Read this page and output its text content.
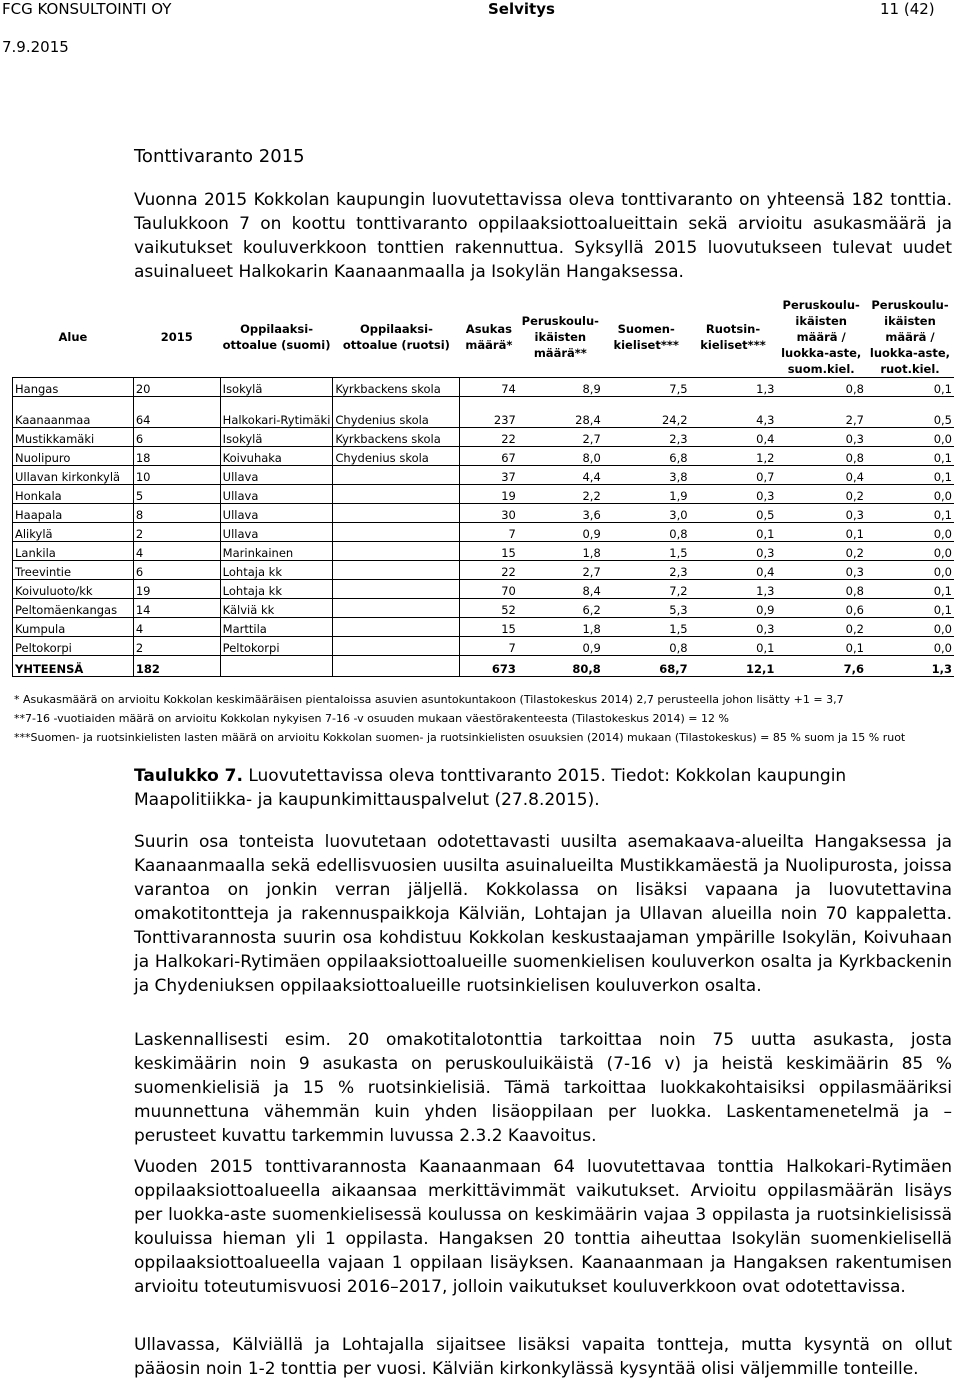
FCG KONSULTOINTI OY	Selvitys	11 (42)
7.9.2015
Tonttivaranto 2015
Vuonna 2015 Kokkolan kaupungin luovutettavissa oleva tonttivaranto on yhteensä 182 tonttia. Taulukkoon 7 on koottu tonttivaranto oppilaaksiottoalueittain sekä arvioitu asukasmäärä ja vaikutukset kouluverkkoon tonttien rakennuttua. Syksyllä 2015 luovutukseen tulevat uudet asuinalueet Halkokarin Kaanaanmaalla ja Isokylän Hangaksessa.
Alue	2015	Oppilaaksi-ottoalue (suomi)	Oppilaaksi-ottoalue (ruotsi)	Asukas määrä*	Peruskoulu-ikäisten määrä**	Suomen-kieliset***	Ruotsin-kieliset***	Peruskoulu-ikäisten määrä / luokka-aste, suom.kiel.	Peruskoulu-ikäisten määrä / luokka-aste, ruot.kiel.
Hangas	20	Isokylä	Kyrkbackens skola	74	8,9	7,5	1,3	0,8	0,1
Kaanaanmaa	64	Halkokari-Rytimäki	Chydenius skola	237	28,4	24,2	4,3	2,7	0,5
Mustikkamäki	6	Isokylä	Kyrkbackens skola	22	2,7	2,3	0,4	0,3	0,0
Nuolipuro	18	Koivuhaka	Chydenius skola	67	8,0	6,8	1,2	0,8	0,1
Ullavan kirkonkylä	10	Ullava		37	4,4	3,8	0,7	0,4	0,1
Honkala	5	Ullava		19	2,2	1,9	0,3	0,2	0,0
Haapala	8	Ullava		30	3,6	3,0	0,5	0,3	0,1
Alikylä	2	Ullava		7	0,9	0,8	0,1	0,1	0,0
Lankila	4	Marinkainen		15	1,8	1,5	0,3	0,2	0,0
Treevintie	6	Lohtaja kk		22	2,7	2,3	0,4	0,3	0,0
Koivuluoto/kk	19	Lohtaja kk		70	8,4	7,2	1,3	0,8	0,1
Peltomäenkangas	14	Kälviä kk		52	6,2	5,3	0,9	0,6	0,1
Kumpula	4	Marttila		15	1,8	1,5	0,3	0,2	0,0
Peltokorpi	2	Peltokorpi		7	0,9	0,8	0,1	0,1	0,0
YHTEENSÄ	182			673	80,8	68,7	12,1	7,6	1,3
* Asukasmäärä on arvioitu Kokkolan keskimääräisen pientaloissa asuvien asuntokuntakoon (Tilastokeskus 2014) 2,7 perusteella johon lisätty +1 = 3,7
**7-16 -vuotiaiden määrä on arvioitu Kokkolan nykyisen 7-16 -v osuuden mukaan väestörakenteesta (Tilastokeskus 2014) = 12 %
***Suomen- ja ruotsinkielisten lasten määrä on arvioitu Kokkolan suomen- ja ruotsinkielisten osuuksien (2014) mukaan (Tilastokeskus) = 85 % suom ja 15 % ruot
Taulukko 7. Luovutettavissa oleva tonttivaranto 2015. Tiedot: Kokkolan kaupungin Maapolitiikka- ja kaupunkimittauspalvelut (27.8.2015).
Suurin osa tonteista luovutetaan odotettavasti uusilta asemakaava-alueilta Hangaksessa ja Kaanaanmaalla sekä edellisvuosien uusilta asuinalueilta Mustikkamäestä ja Nuolipurosta, joissa varantoa on jonkin verran jäljellä. Kokkolassa on lisäksi vapaana ja luovutettavina omakotitontteja ja rakennuspaikkoja Kälviän, Lohtajan ja Ullavan alueilla noin 70 kappaletta. Tonttivarannosta suurin osa kohdistuu Kokkolan keskustaajaman ympärille Isokylän, Koivuhaan ja Halkokari-Rytimäen oppilaaksiottoalueille suomenkielisen kouluverkon osalta ja Kyrkbackenin ja Chydeniuksen oppilaaksiottoalueille ruotsinkielisen kouluverkon osalta.
Laskennallisesti esim. 20 omakotitalotonttia tarkoittaa noin 75 uutta asukasta, josta keskimäärin noin 9 asukasta on peruskouluikäistä (7-16 v) ja heistä keskimäärin 85 % suomenkielisiä ja 15 % ruotsinkielisiä. Tämä tarkoittaa luokkakohtaisiksi oppilasmääriksi muunnettuna vähemmän kuin yhden lisäoppilaan per luokka. Laskentamenetelmä ja – perusteet kuvattu tarkemmin luvussa 2.3.2 Kaavoitus.
Vuoden 2015 tonttivarannosta Kaanaanmaan 64 luovutettavaa tonttia Halkokari-Rytimäen oppilaaksiottoalueella aikaansaa merkittävimmät vaikutukset. Arvioitu oppilasmäärän lisäys per luokka-aste suomenkielisessä koulussa on keskimäärin vajaa 3 oppilasta ja ruotsinkielisissä kouluissa hieman yli 1 oppilasta. Hangaksen 20 tonttia aiheuttaa Isokylän suomenkielisellä oppilaaksiottoalueella vajaan 1 oppilaan lisäyksen. Kaanaanmaan ja Hangaksen rakentumisen arvioitu toteutumisvuosi 2016–2017, jolloin vaikutukset kouluverkkoon ovat odotettavissa.
Ullavassa, Kälviällä ja Lohtajalla sijaitsee lisäksi vapaita tontteja, mutta kysyntä on ollut pääosin noin 1-2 tonttia per vuosi. Kälviän kirkonkylässä kysyntää olisi väljemmille tonteille.
